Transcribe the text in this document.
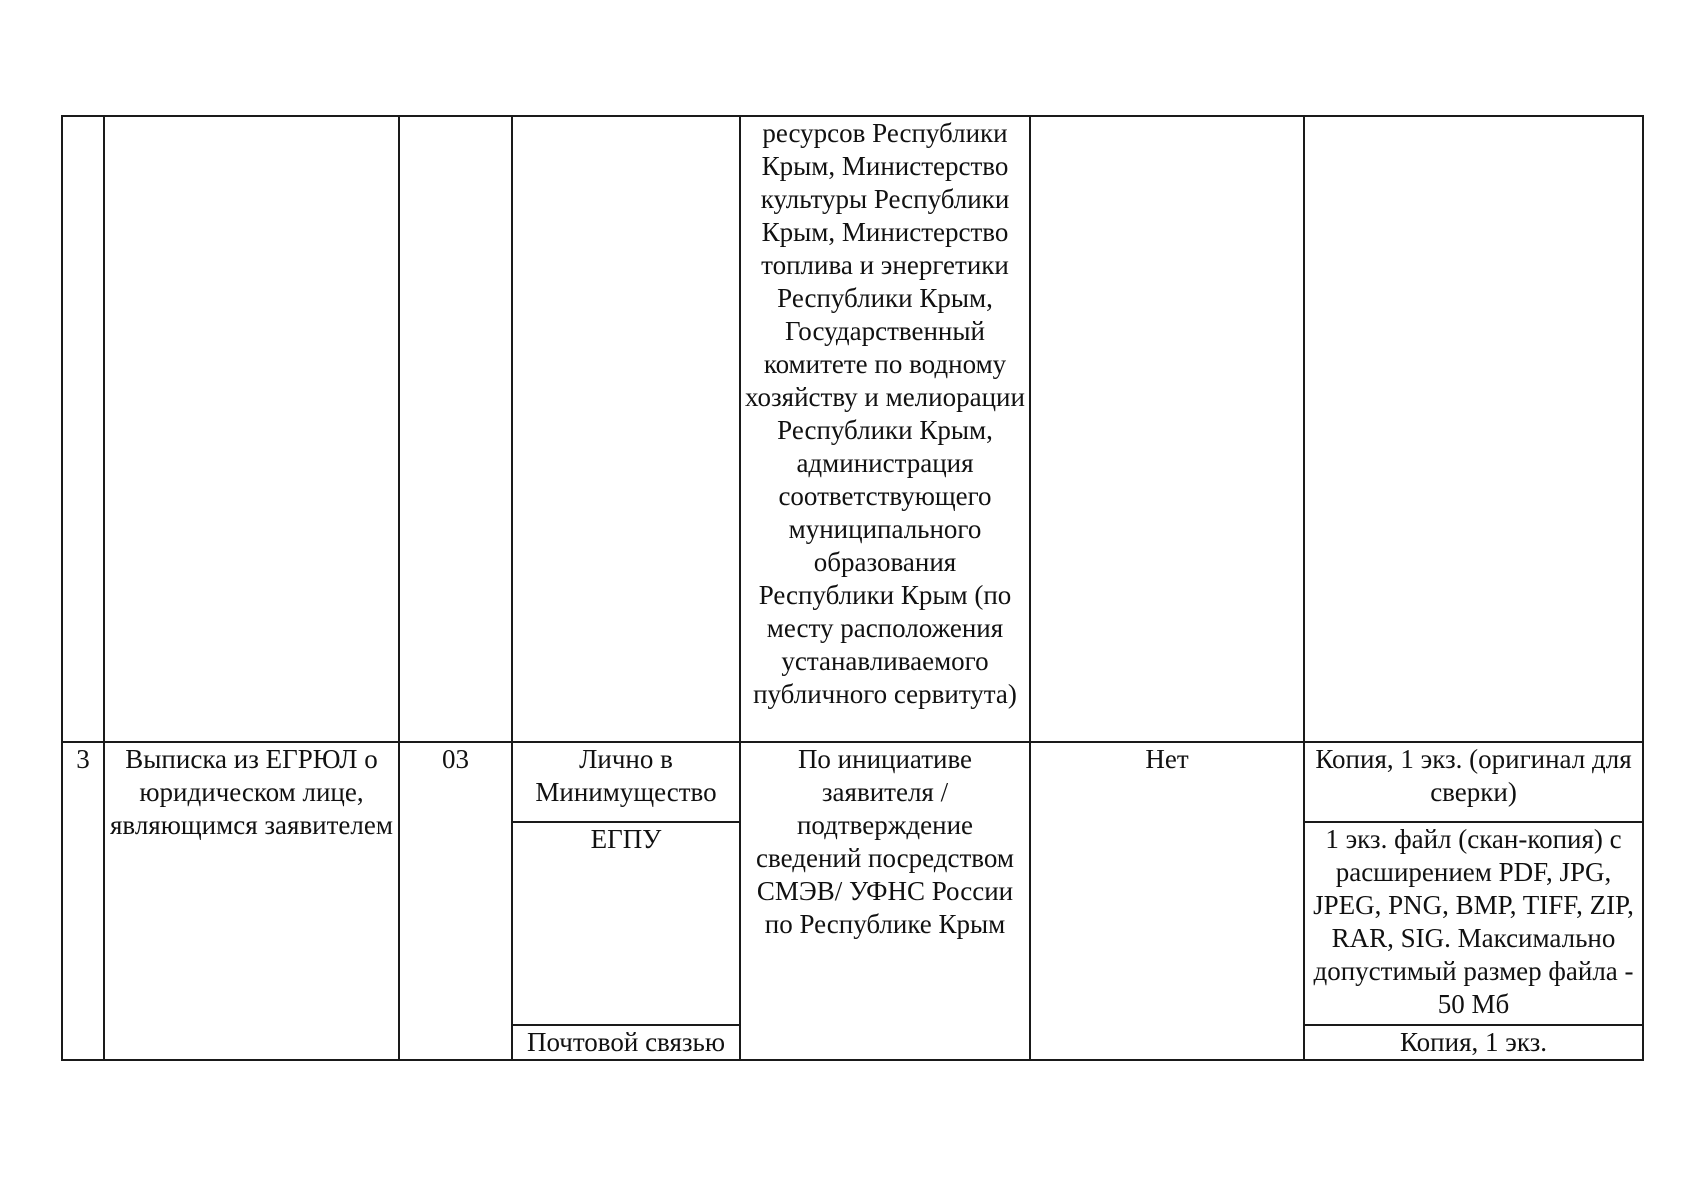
				ресурсов Республики Крым, Министерство культуры Республики Крым, Министерство топлива и энергетики Республики Крым, Государственный комитете по водному хозяйству и мелиорации Республики Крым, администрация соответствующего муниципального образования Республики Крым (по месту расположения устанавливаемого публичного сервитута)		

3	Выписка из ЕГРЮЛ о юридическом лице, являющимся заявителем	03	Лично в Минимущество	По инициативе заявителя / подтверждение сведений посредством СМЭВ/ УФНС России по Республике Крым	Нет	Копия, 1 экз. (оригинал для сверки)

			ЕГПУ			1 экз. файл (скан-копия) с расширением PDF, JPG, JPEG, PNG, BMP, TIFF, ZIP, RAR, SIG. Максимально допустимый размер файла - 50 Мб

			Почтовой связью			Копия, 1 экз.
